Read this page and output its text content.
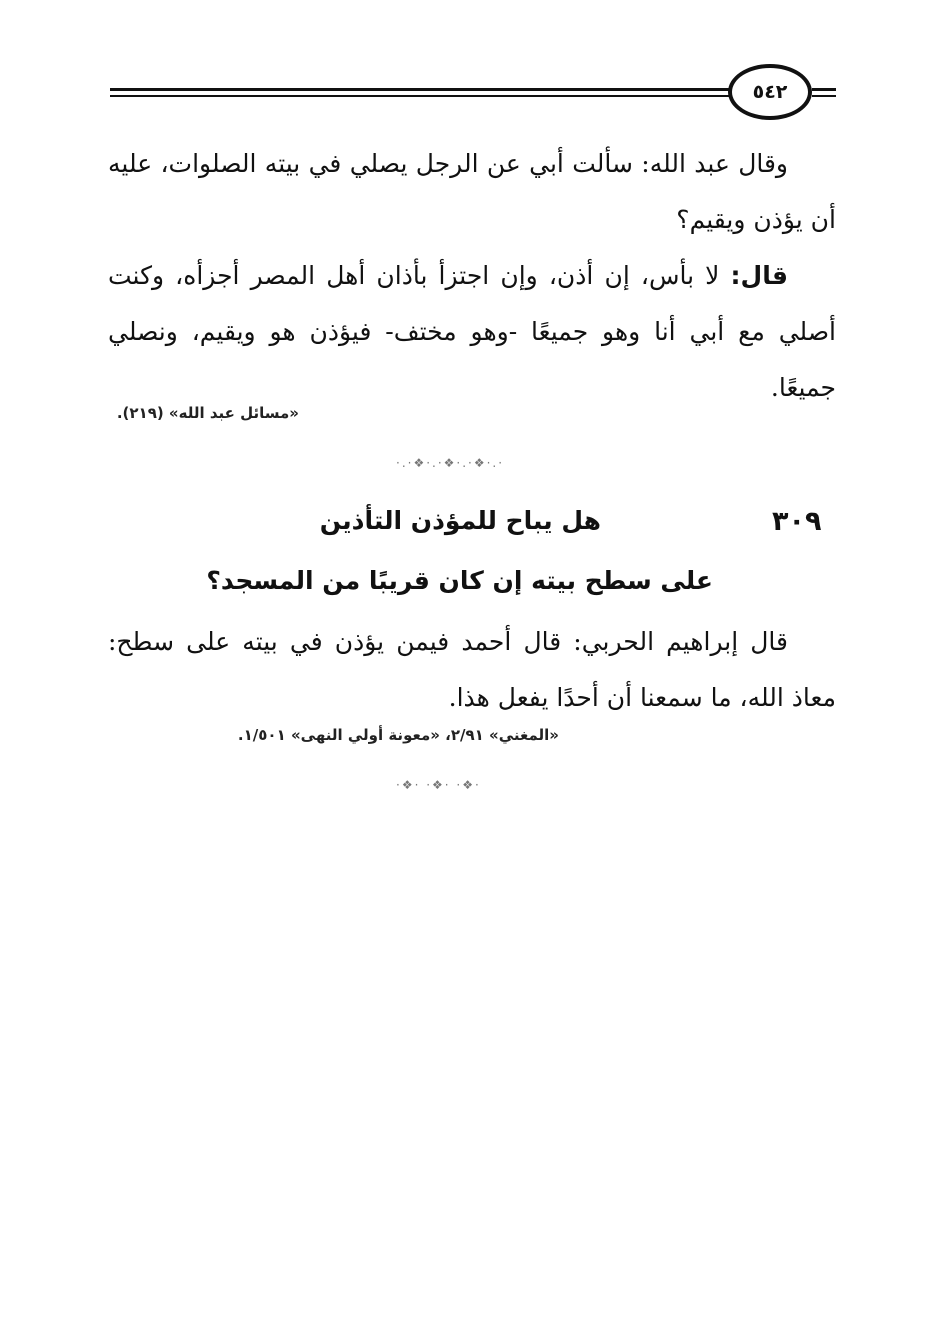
٥٤٢

وقال عبد الله: سألت أبي عن الرجل يصلي في بيته الصلوات، عليه أن يؤذن ويقيم؟

قال: لا بأس، إن أذن، وإن اجتزأ بأذان أهل المصر أجزأه، وكنت أصلي مع أبي أنا وهو جميعًا -وهو مختف- فيؤذن هو ويقيم، ونصلي جميعًا.

«مسائل عبد الله» (٢١٩).
·.·❖·.·❖·.·❖·.·
٣٠٩
هل يباح للمؤذن التأذين
على سطح بيته إن كان قريبًا من المسجد؟

قال إبراهيم الحربي: قال أحمد فيمن يؤذن في بيته على سطح: معاذ الله، ما سمعنا أن أحدًا يفعل هذا.

«المغني» ٢/٩١، «معونة أولي النهى» ١/٥٠١.
·❖· ·❖· ·❖·
